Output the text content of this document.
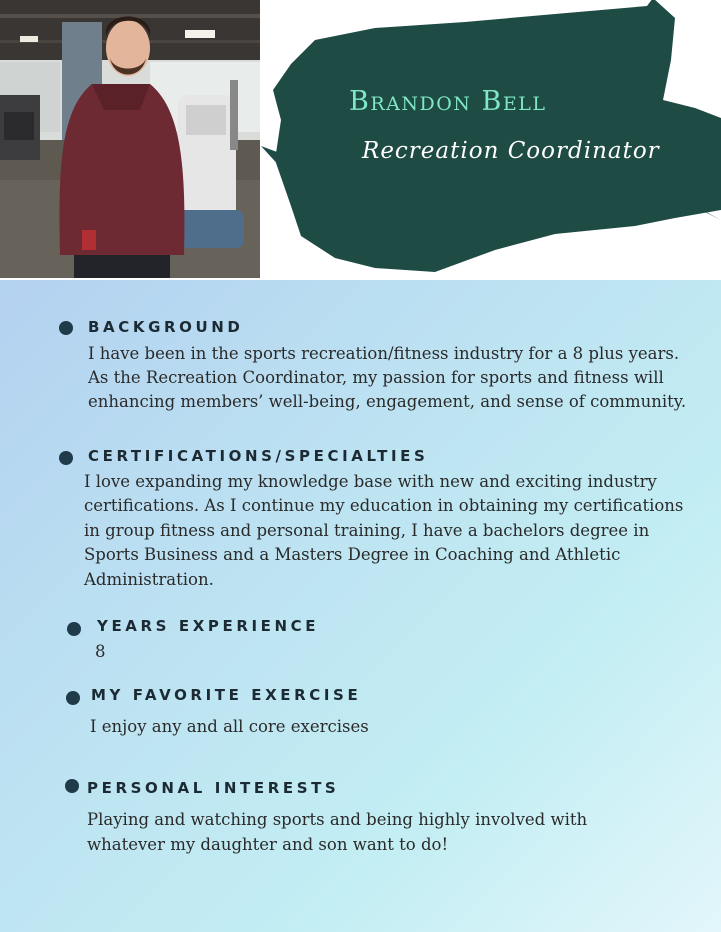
Brandon Bell
Recreation Coordinator
BACKGROUND
I have been in the sports recreation/fitness industry for a 8 plus years.
As the Recreation Coordinator, my passion for sports and fitness will
enhancing members’ well-being, engagement, and sense of community.
CERTIFICATIONS/SPECIALTIES
I love expanding my knowledge base with new and exciting industry
certifications. As I continue my education in obtaining my certifications
in group fitness and personal training, I have a bachelors degree in
Sports Business and a Masters Degree in Coaching and Athletic
Administration.
YEARS EXPERIENCE
8
MY FAVORITE EXERCISE
I enjoy any and all core exercises
PERSONAL INTERESTS
Playing and watching sports and being highly involved with
whatever my daughter and son want to do!
